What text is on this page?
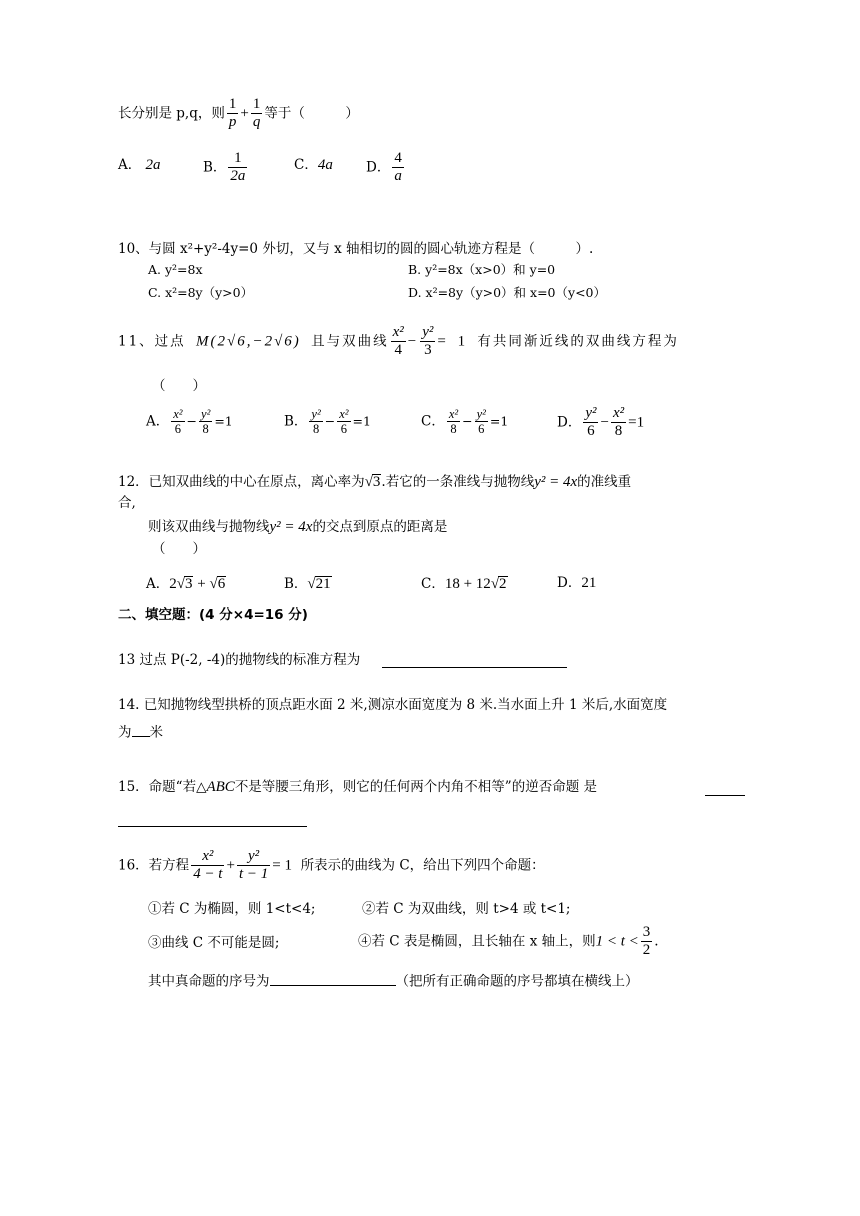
长分别是 p,q，则 $\frac{1}{p} + \frac{1}{q}$ 等于（　　　）
A． 2a	B． $\frac{1}{2a}$	C．4a D． $\frac{4}{a}$
10、与圆 x²+y²-4y=0 外切，又与 x 轴相切的圆的圆心轨迹方程是（　　　）.
A. y²=8x	B. y²=8x（x>0）和 y=0
C. x²=8y（y>0）	D. x²=8y（y>0）和 x=0（y<0）
11、过点 M(2√6,−2√6) 且与双曲线 $\frac{\text{x²}}{4} - \frac{\text{y²}}{3} = 1$ 有共同渐近线的双曲线方程为
（　　）
A． $\frac{\text{x²}}{6} - \frac{\text{y²}}{8} =1$	B． $\frac{\text{y²}}{8} - \frac{\text{x²}}{6} =1$	C． $\frac{\text{x²}}{8} - \frac{\text{y²}}{6} =1$	D． $\frac{\text{y²}}{6} - \frac{\text{x²}}{8} =1$
12．已知双曲线的中心在原点，离心率为√3.若它的一条准线与抛物线y² = 4x的准线重
合,
则该双曲线与抛物线y² = 4x的交点到原点的距离是
（　　）
A．2√3 + √6	B．√21	C．18 + 12√2	D．21
二、填空题：(4 分×4=16 分)
13 过点 P(-2, -4)的抛物线的标准方程为
14. 已知抛物线型拱桥的顶点距水面 2 米,测凉水面宽度为 8 米.当水面上升 1 米后,水面宽度
为 米
15．命题“若△ABC不是等腰三角形，则它的任何两个内角不相等”的逆否命题 是
16．若方程 $\frac{\text{x²}}{4 - t} + \frac{\text{y²}}{t - 1} = 1$ 所表示的曲线为 C，给出下列四个命题：
①若 C 为椭圆，则 1<t<4;	②若 C 为双曲线，则 t>4 或 t<1;
③曲线 C 不可能是圆;	④若 C 表是椭圆，且长轴在 x 轴上，则$1 < t < \frac{3}{2}$ .
其中真命题的序号为	（把所有正确命题的序号都填在横线上）
